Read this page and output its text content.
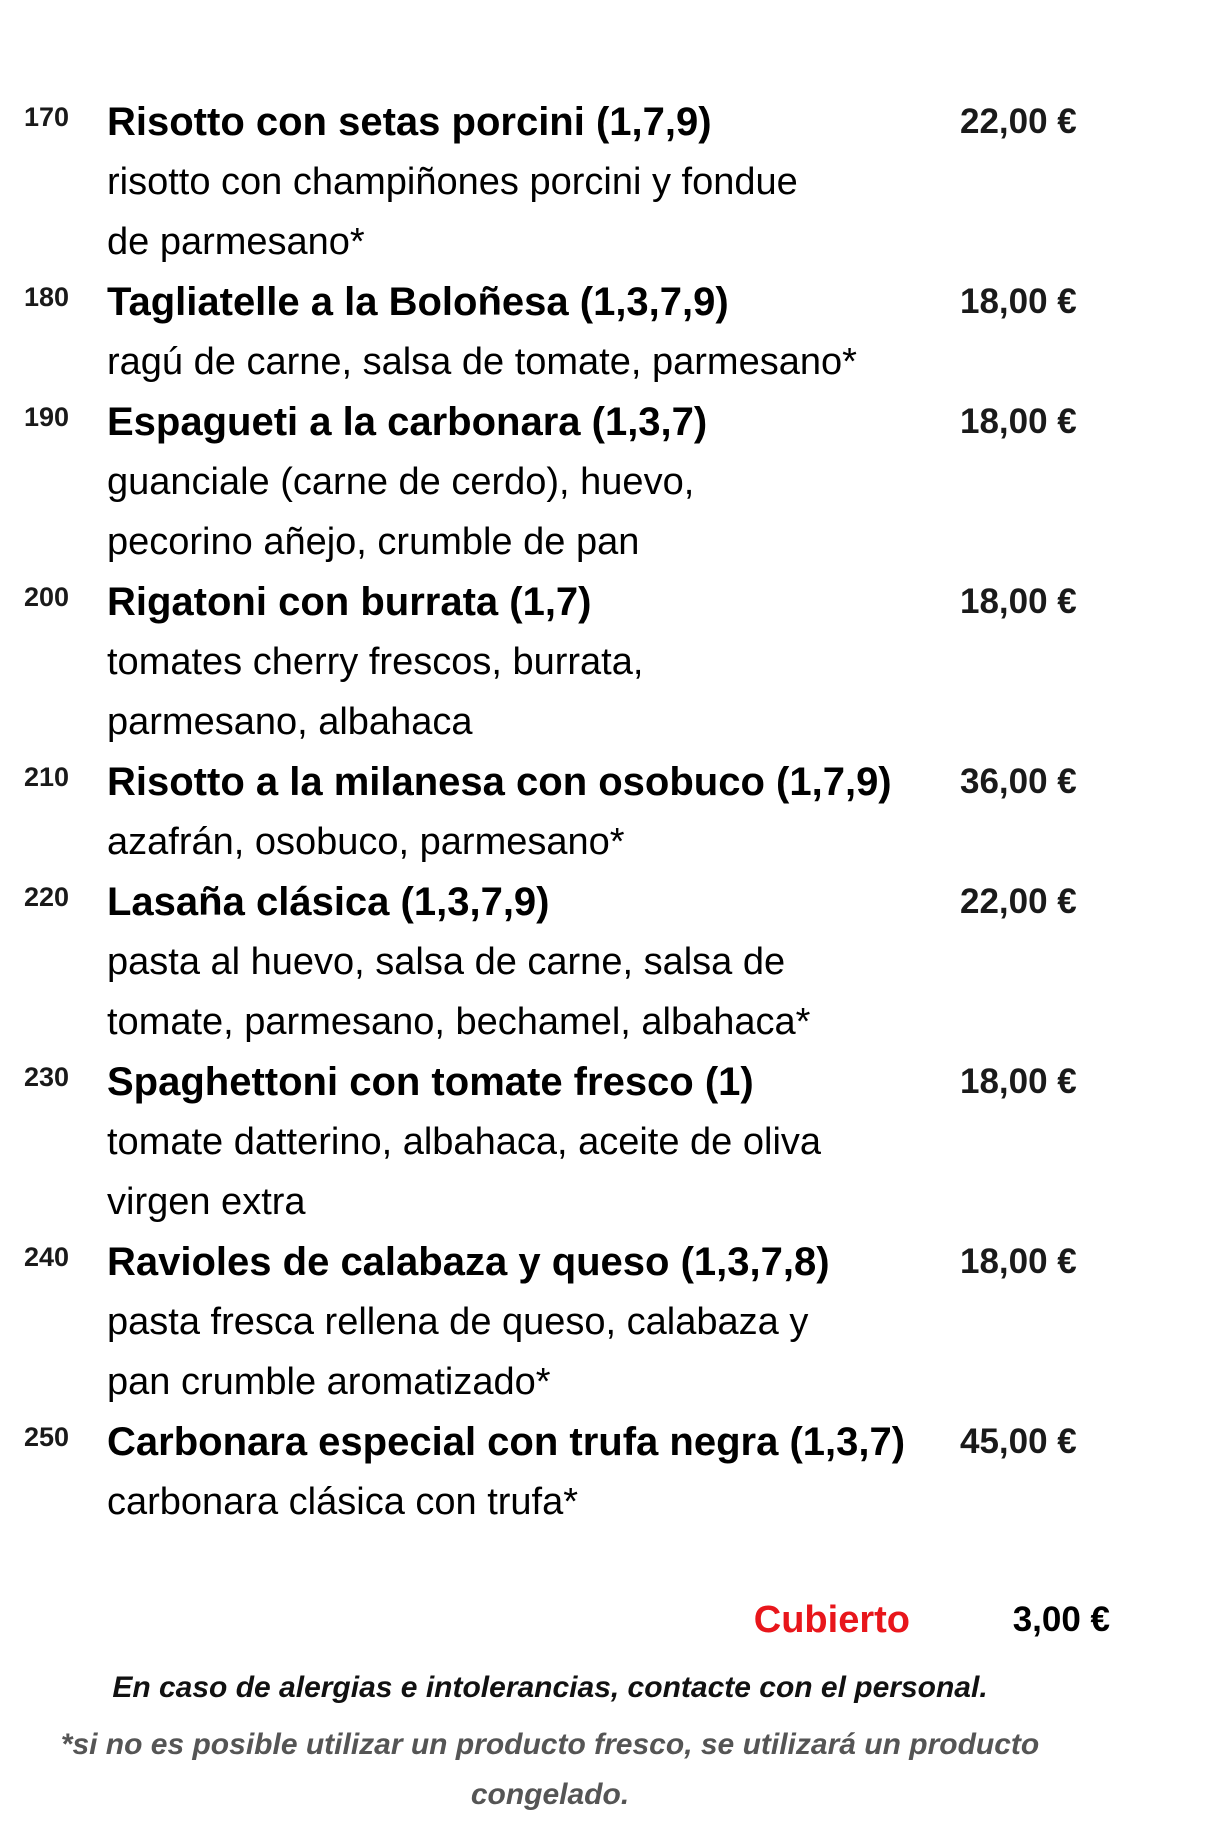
170 Risotto con setas porcini (1,7,9)	22,00 €
risotto con champiñones porcini y fondue
de parmesano*
180 Tagliatelle a la Boloñesa (1,3,7,9)	18,00 €
ragú de carne, salsa de tomate, parmesano*
190 Espagueti a la carbonara (1,3,7)	18,00 €
guanciale (carne de cerdo), huevo,
pecorino añejo, crumble de pan
200 Rigatoni con burrata (1,7)	18,00 €
tomates cherry frescos, burrata,
parmesano, albahaca
210 Risotto a la milanesa con osobuco (1,7,9)	36,00 €
azafrán, osobuco, parmesano*
220 Lasaña clásica (1,3,7,9)	22,00 €
pasta al huevo, salsa de carne, salsa de
tomate, parmesano, bechamel, albahaca*
230 Spaghettoni con tomate fresco (1)	18,00 €
tomate datterino, albahaca, aceite de oliva
virgen extra
240 Ravioles de calabaza y queso (1,3,7,8)	18,00 €
pasta fresca rellena de queso, calabaza y
pan crumble aromatizado*
250 Carbonara especial con trufa negra (1,3,7)	45,00 €
carbonara clásica con trufa*
Cubierto	3,00 €
En caso de alergias e intolerancias, contacte con el personal.
*si no es posible utilizar un producto fresco, se utilizará un producto
congelado.
